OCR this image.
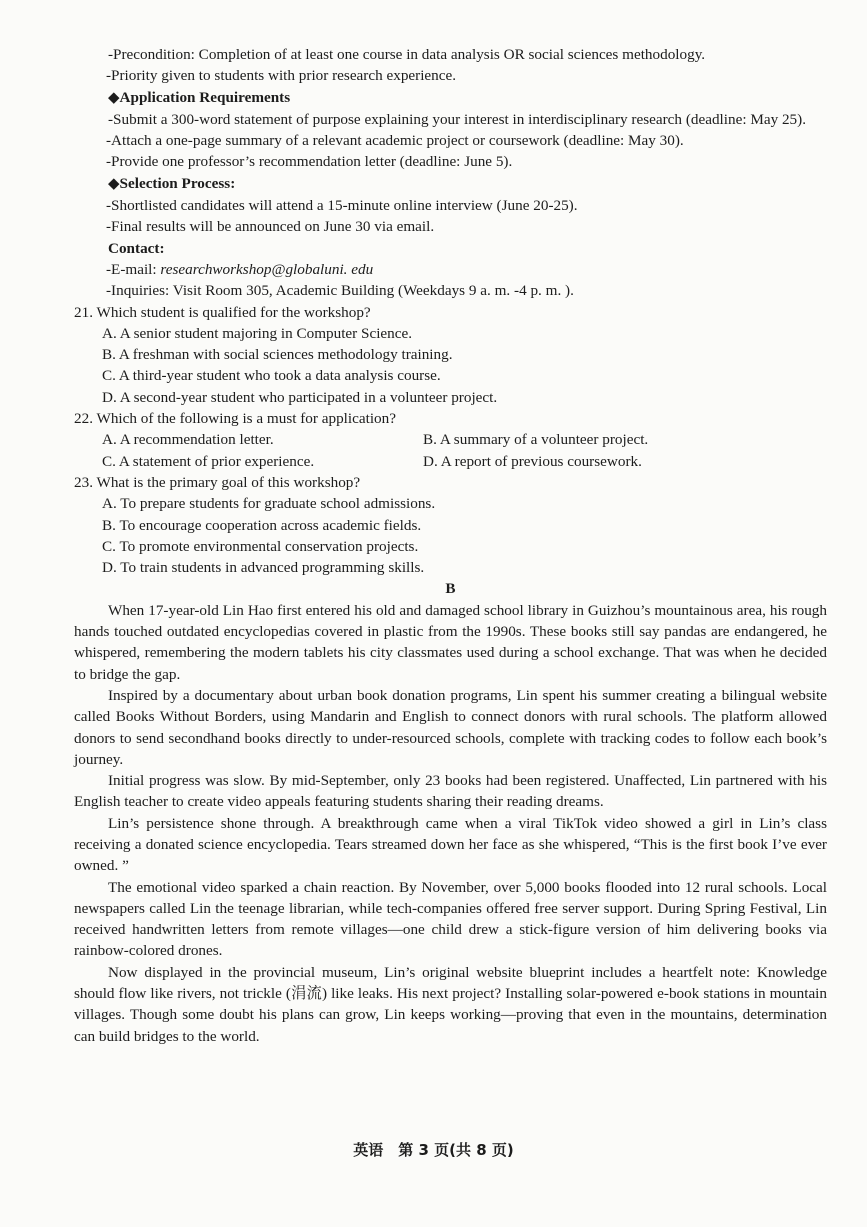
-Precondition: Completion of at least one course in data analysis OR social sciences methodology.

-Priority given to students with prior research experience.

◆Application Requirements

-Submit a 300-word statement of purpose explaining your interest in interdisciplinary research (deadline: May 25).

-Attach a one-page summary of a relevant academic project or coursework (deadline: May 30).

-Provide one professor’s recommendation letter (deadline: June 5).

◆Selection Process:

-Shortlisted candidates will attend a 15-minute online interview (June 20-25).

-Final results will be announced on June 30 via email.

Contact:

-E-mail: researchworkshop@globaluni. edu

-Inquiries: Visit Room 305, Academic Building (Weekdays 9 a. m. -4 p. m. ).

21. Which student is qualified for the workshop?

A. A senior student majoring in Computer Science.

B. A freshman with social sciences methodology training.

C. A third-year student who took a data analysis course.

D. A second-year student who participated in a volunteer project.

22. Which of the following is a must for application?

A. A recommendation letter.	B. A summary of a volunteer project.
C. A statement of prior experience.	D. A report of previous coursework.

23. What is the primary goal of this workshop?

A. To prepare students for graduate school admissions.

B. To encourage cooperation across academic fields.

C. To promote environmental conservation projects.

D. To train students in advanced programming skills.

B

When 17-year-old Lin Hao first entered his old and damaged school library in Guizhou’s mountainous area, his rough hands touched outdated encyclopedias covered in plastic from the 1990s. These books still say pandas are endangered, he whispered, remembering the modern tablets his city classmates used during a school exchange. That was when he decided to bridge the gap.

Inspired by a documentary about urban book donation programs, Lin spent his summer creating a bilingual website called Books Without Borders, using Mandarin and English to connect donors with rural schools. The platform allowed donors to send secondhand books directly to under-resourced schools, complete with tracking codes to follow each book’s journey.

Initial progress was slow. By mid-September, only 23 books had been registered. Unaffected, Lin partnered with his English teacher to create video appeals featuring students sharing their reading dreams.

Lin’s persistence shone through. A breakthrough came when a viral TikTok video showed a girl in Lin’s class receiving a donated science encyclopedia. Tears streamed down her face as she whispered, “This is the first book I’ve ever owned. ”

The emotional video sparked a chain reaction. By November, over 5,000 books flooded into 12 rural schools. Local newspapers called Lin the teenage librarian, while tech-companies offered free server support. During Spring Festival, Lin received handwritten letters from remote villages—one child drew a stick-figure version of him delivering books via rainbow-colored drones.

Now displayed in the provincial museum, Lin’s original website blueprint includes a heartfelt note: Knowledge should flow like rivers, not trickle (涓流) like leaks. His next project? Installing solar-powered e-book stations in mountain villages. Though some doubt his plans can grow, Lin keeps working—proving that even in the mountains, determination can build bridges to the world.

英语　第 3 页(共 8 页)
